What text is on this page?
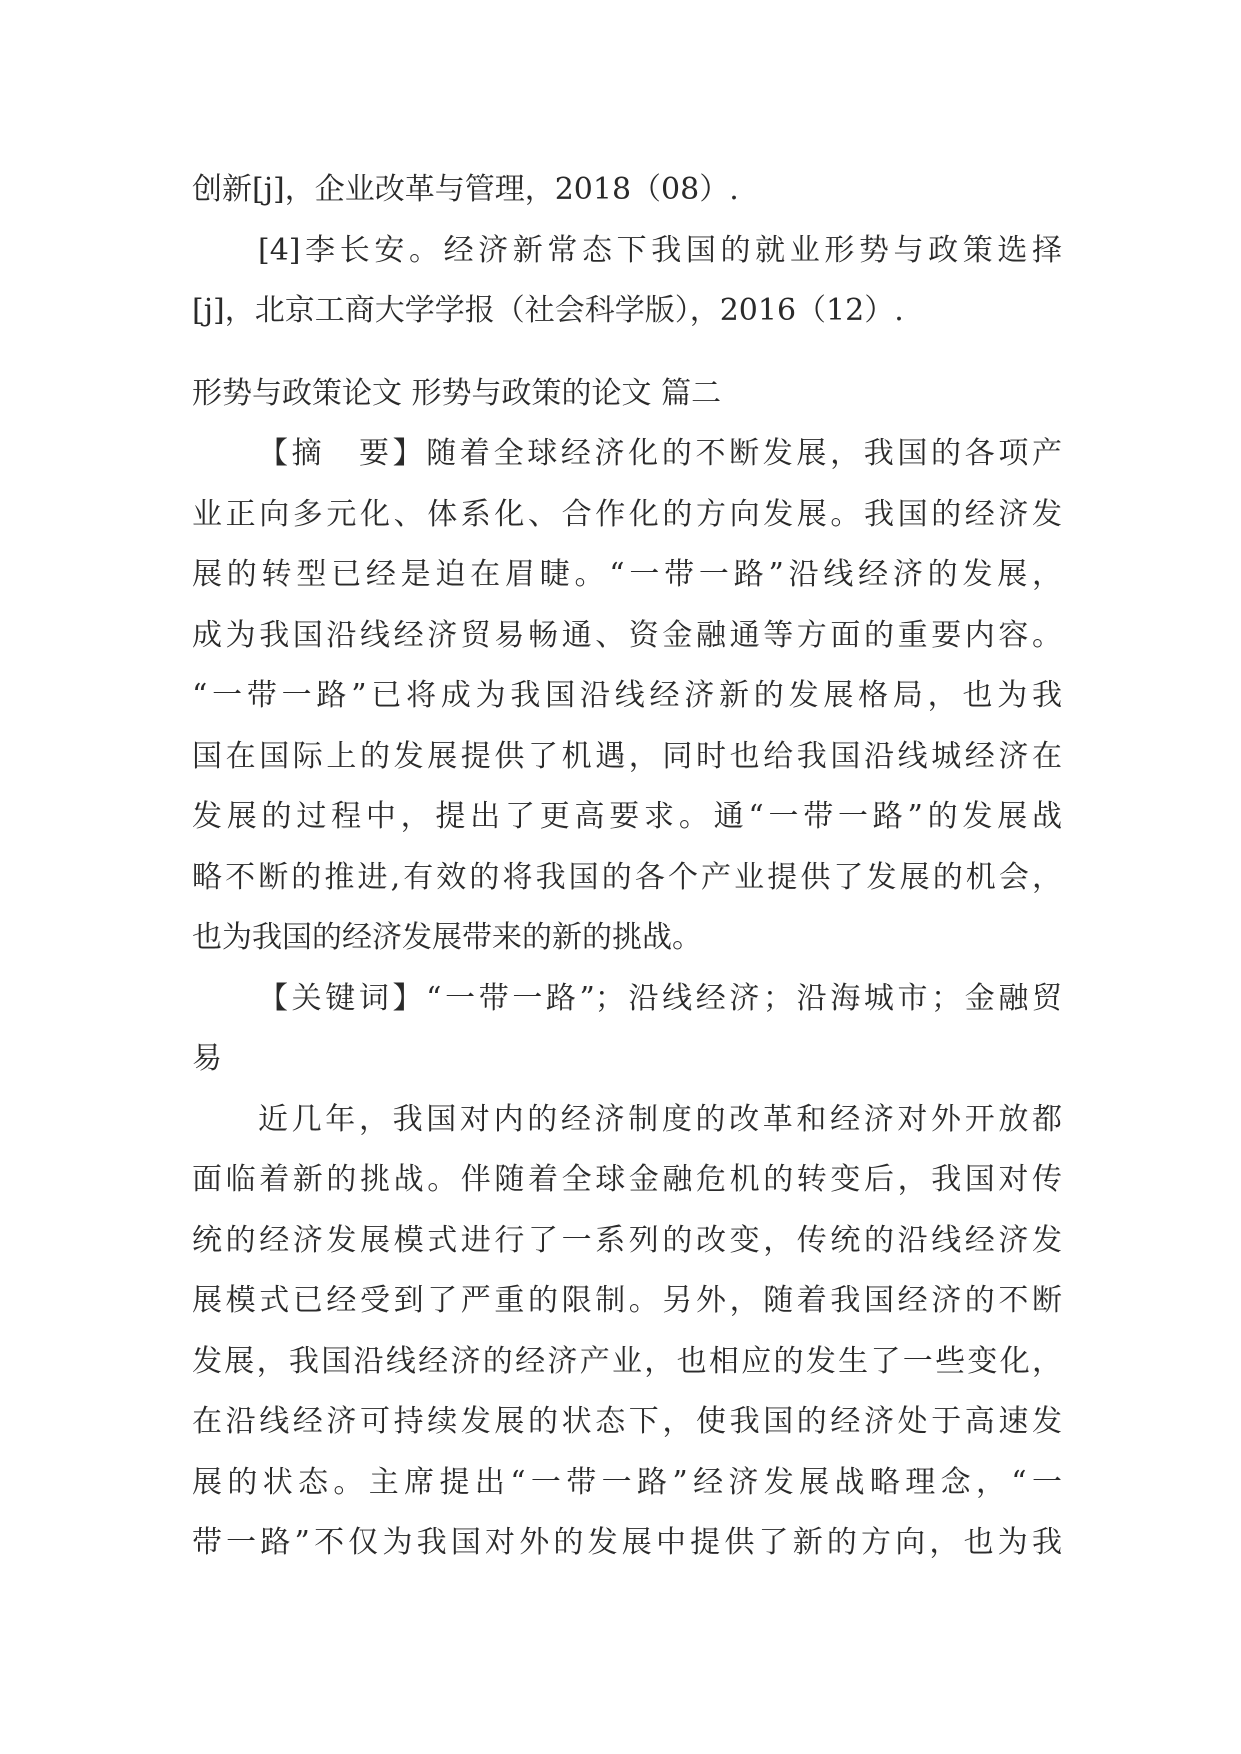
创新[j]，企业改革与管理，2018（08）.
[4]李长安。经济新常态下我国的就业形势与政策选择
[j]，北京工商大学学报（社会科学版），2016（12）.
形势与政策论文 形势与政策的论文 篇二
【摘　要】随着全球经济化的不断发展，我国的各项产
业正向多元化、体系化、合作化的方向发展。我国的经济发
展的转型已经是迫在眉睫。“一带一路”沿线经济的发展，
成为我国沿线经济贸易畅通、资金融通等方面的重要内容。
“一带一路”已将成为我国沿线经济新的发展格局，也为我
国在国际上的发展提供了机遇，同时也给我国沿线城经济在
发展的过程中，提出了更高要求。通“一带一路”的发展战
略不断的推进,有效的将我国的各个产业提供了发展的机会，
也为我国的经济发展带来的新的挑战。
【关键词】“一带一路”；沿线经济；沿海城市；金融贸
易
近几年，我国对内的经济制度的改革和经济对外开放都
面临着新的挑战。伴随着全球金融危机的转变后，我国对传
统的经济发展模式进行了一系列的改变，传统的沿线经济发
展模式已经受到了严重的限制。另外，随着我国经济的不断
发展，我国沿线经济的经济产业，也相应的发生了一些变化，
在沿线经济可持续发展的状态下，使我国的经济处于高速发
展的状态。主席提出“一带一路”经济发展战略理念，“一
带一路”不仅为我国对外的发展中提供了新的方向，也为我
